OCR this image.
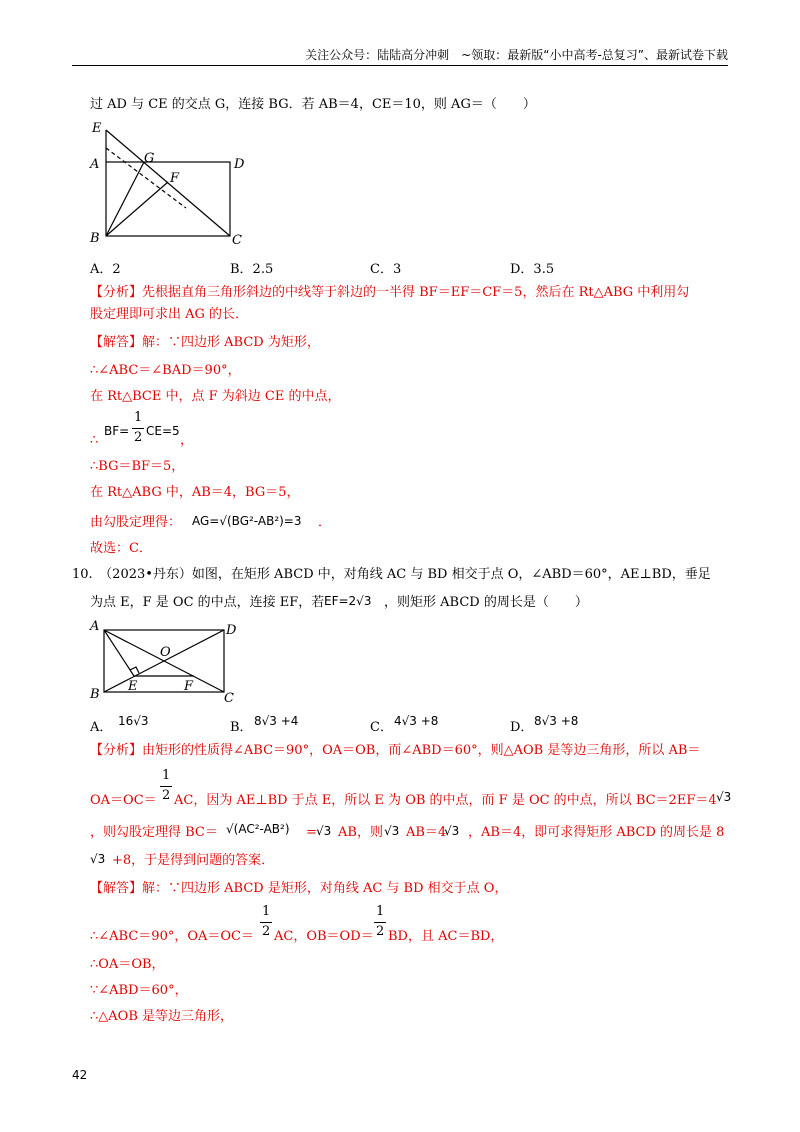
关注公众号：陆陆高分冲刺　~领取：最新版“小中高考-总复习”、最新试卷下载
过 AD 与 CE 的交点 G，连接 BG．若 AB＝4，CE＝10，则 AG＝（　　）
E
A	G	D
F
B	C
A．2	B．2.5	C．3	D．3.5
【分析】先根据直角三角形斜边的中线等于斜边的一半得 BF＝EF＝CF＝5，然后在 Rt△ABG 中利用勾
股定理即可求出 AG 的长．
【解答】解：∵四边形 ABCD 为矩形，
∴∠ABC＝∠BAD＝90°，
在 Rt△BCE 中，点 F 为斜边 CE 的中点，
∴
BF=
1
2 CE=5
，
∴BG＝BF＝5，
在 Rt△ABG 中，AB＝4，BG＝5，
由勾股定理得： AG=√(BG²-AB²)=3 ．
故选：C．
10.　（2023•丹东）如图，在矩形 ABCD 中，对角线 AC 与 BD 相交于点 O，∠ABD＝60°，AE⊥BD，垂足
为点 E，F 是 OC 的中点，连接 EF，若 EF=2√3 ，则矩形 ABCD 的周长是（　　）
A	D
O
B
E	F
C
A． 16√3	B． 8√3 +4	C． 4√3 +8	D． 8√3 +8
【分析】由矩形的性质得∠ABC＝90°，OA＝OB，而∠ABD＝60°，则△AOB 是等边三角形，所以 AB＝
1
OA＝OC＝ 2 AC，因为 AE⊥BD 于点 E，所以 E 为 OB 的中点，而 F 是 OC 的中点，所以 BC＝2EF＝4 √3
，则勾股定理得 BC＝ √(AC²-AB²) = √3 AB，则 √3 AB＝4
√3 ，AB＝4，即可求得矩形 ABCD 的周长是 8
√3 +8，于是得到问题的答案．
【解答】解：∵四边形 ABCD 是矩形，对角线 AC 与 BD 相交于点 O，
∴∠ABC＝90°，OA＝OC＝
1
2 AC，OB＝OD＝
1
2 BD，且 AC＝BD，
∴OA＝OB，
∵∠ABD＝60°，
∴△AOB 是等边三角形，
42
